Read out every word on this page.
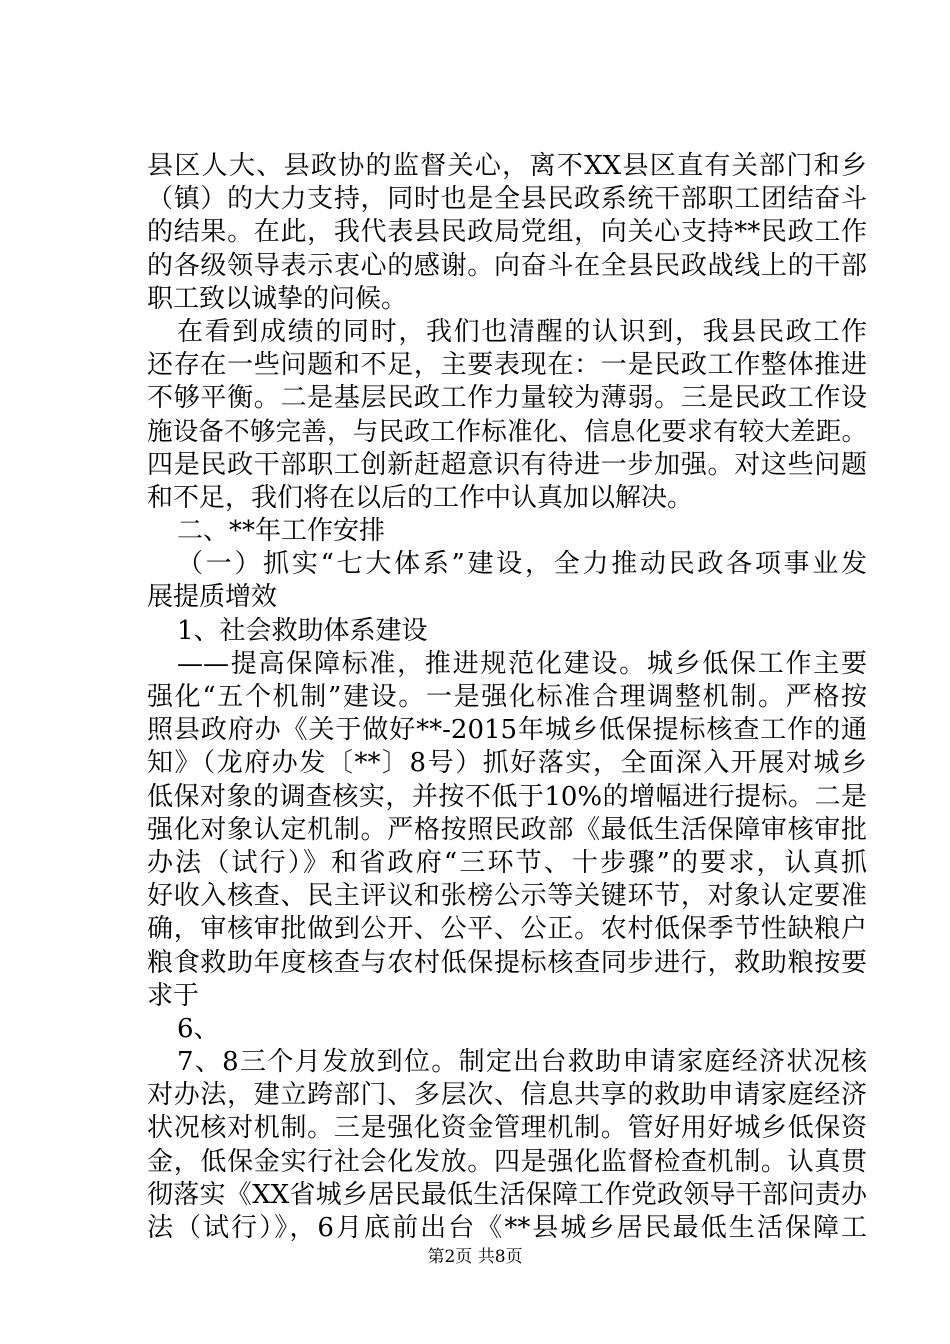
县区人大、县政协的监督关心，离不XX县区直有关部门和乡
（镇）的大力支持，同时也是全县民政系统干部职工团结奋斗
的结果。在此，我代表县民政局党组，向关心支持**民政工作
的各级领导表示衷心的感谢。向奋斗在全县民政战线上的干部
职工致以诚挚的问候。
在看到成绩的同时，我们也清醒的认识到，我县民政工作
还存在一些问题和不足，主要表现在：一是民政工作整体推进
不够平衡。二是基层民政工作力量较为薄弱。三是民政工作设
施设备不够完善，与民政工作标准化、信息化要求有较大差距。
四是民政干部职工创新赶超意识有待进一步加强。对这些问题
和不足，我们将在以后的工作中认真加以解决。
二、**年工作安排
（一）抓实“七大体系”建设，全力推动民政各项事业发
展提质增效
1、社会救助体系建设
——提高保障标准，推进规范化建设。城乡低保工作主要
强化“五个机制”建设。一是强化标准合理调整机制。严格按
照县政府办《关于做好**-2015年城乡低保提标核查工作的通
知》（龙府办发〔**〕8号）抓好落实，全面深入开展对城乡
低保对象的调查核实，并按不低于10%的增幅进行提标。二是
强化对象认定机制。严格按照民政部《最低生活保障审核审批
办法（试行）》和省政府“三环节、十步骤”的要求，认真抓
好收入核查、民主评议和张榜公示等关键环节，对象认定要准
确，审核审批做到公开、公平、公正。农村低保季节性缺粮户
粮食救助年度核查与农村低保提标核查同步进行，救助粮按要
求于
6、
7、8三个月发放到位。制定出台救助申请家庭经济状况核
对办法，建立跨部门、多层次、信息共享的救助申请家庭经济
状况核对机制。三是强化资金管理机制。管好用好城乡低保资
金，低保金实行社会化发放。四是强化监督检查机制。认真贯
彻落实《XX省城乡居民最低生活保障工作党政领导干部问责办
法（试行）》，6月底前出台《**县城乡居民最低生活保障工
第2页 共8页
